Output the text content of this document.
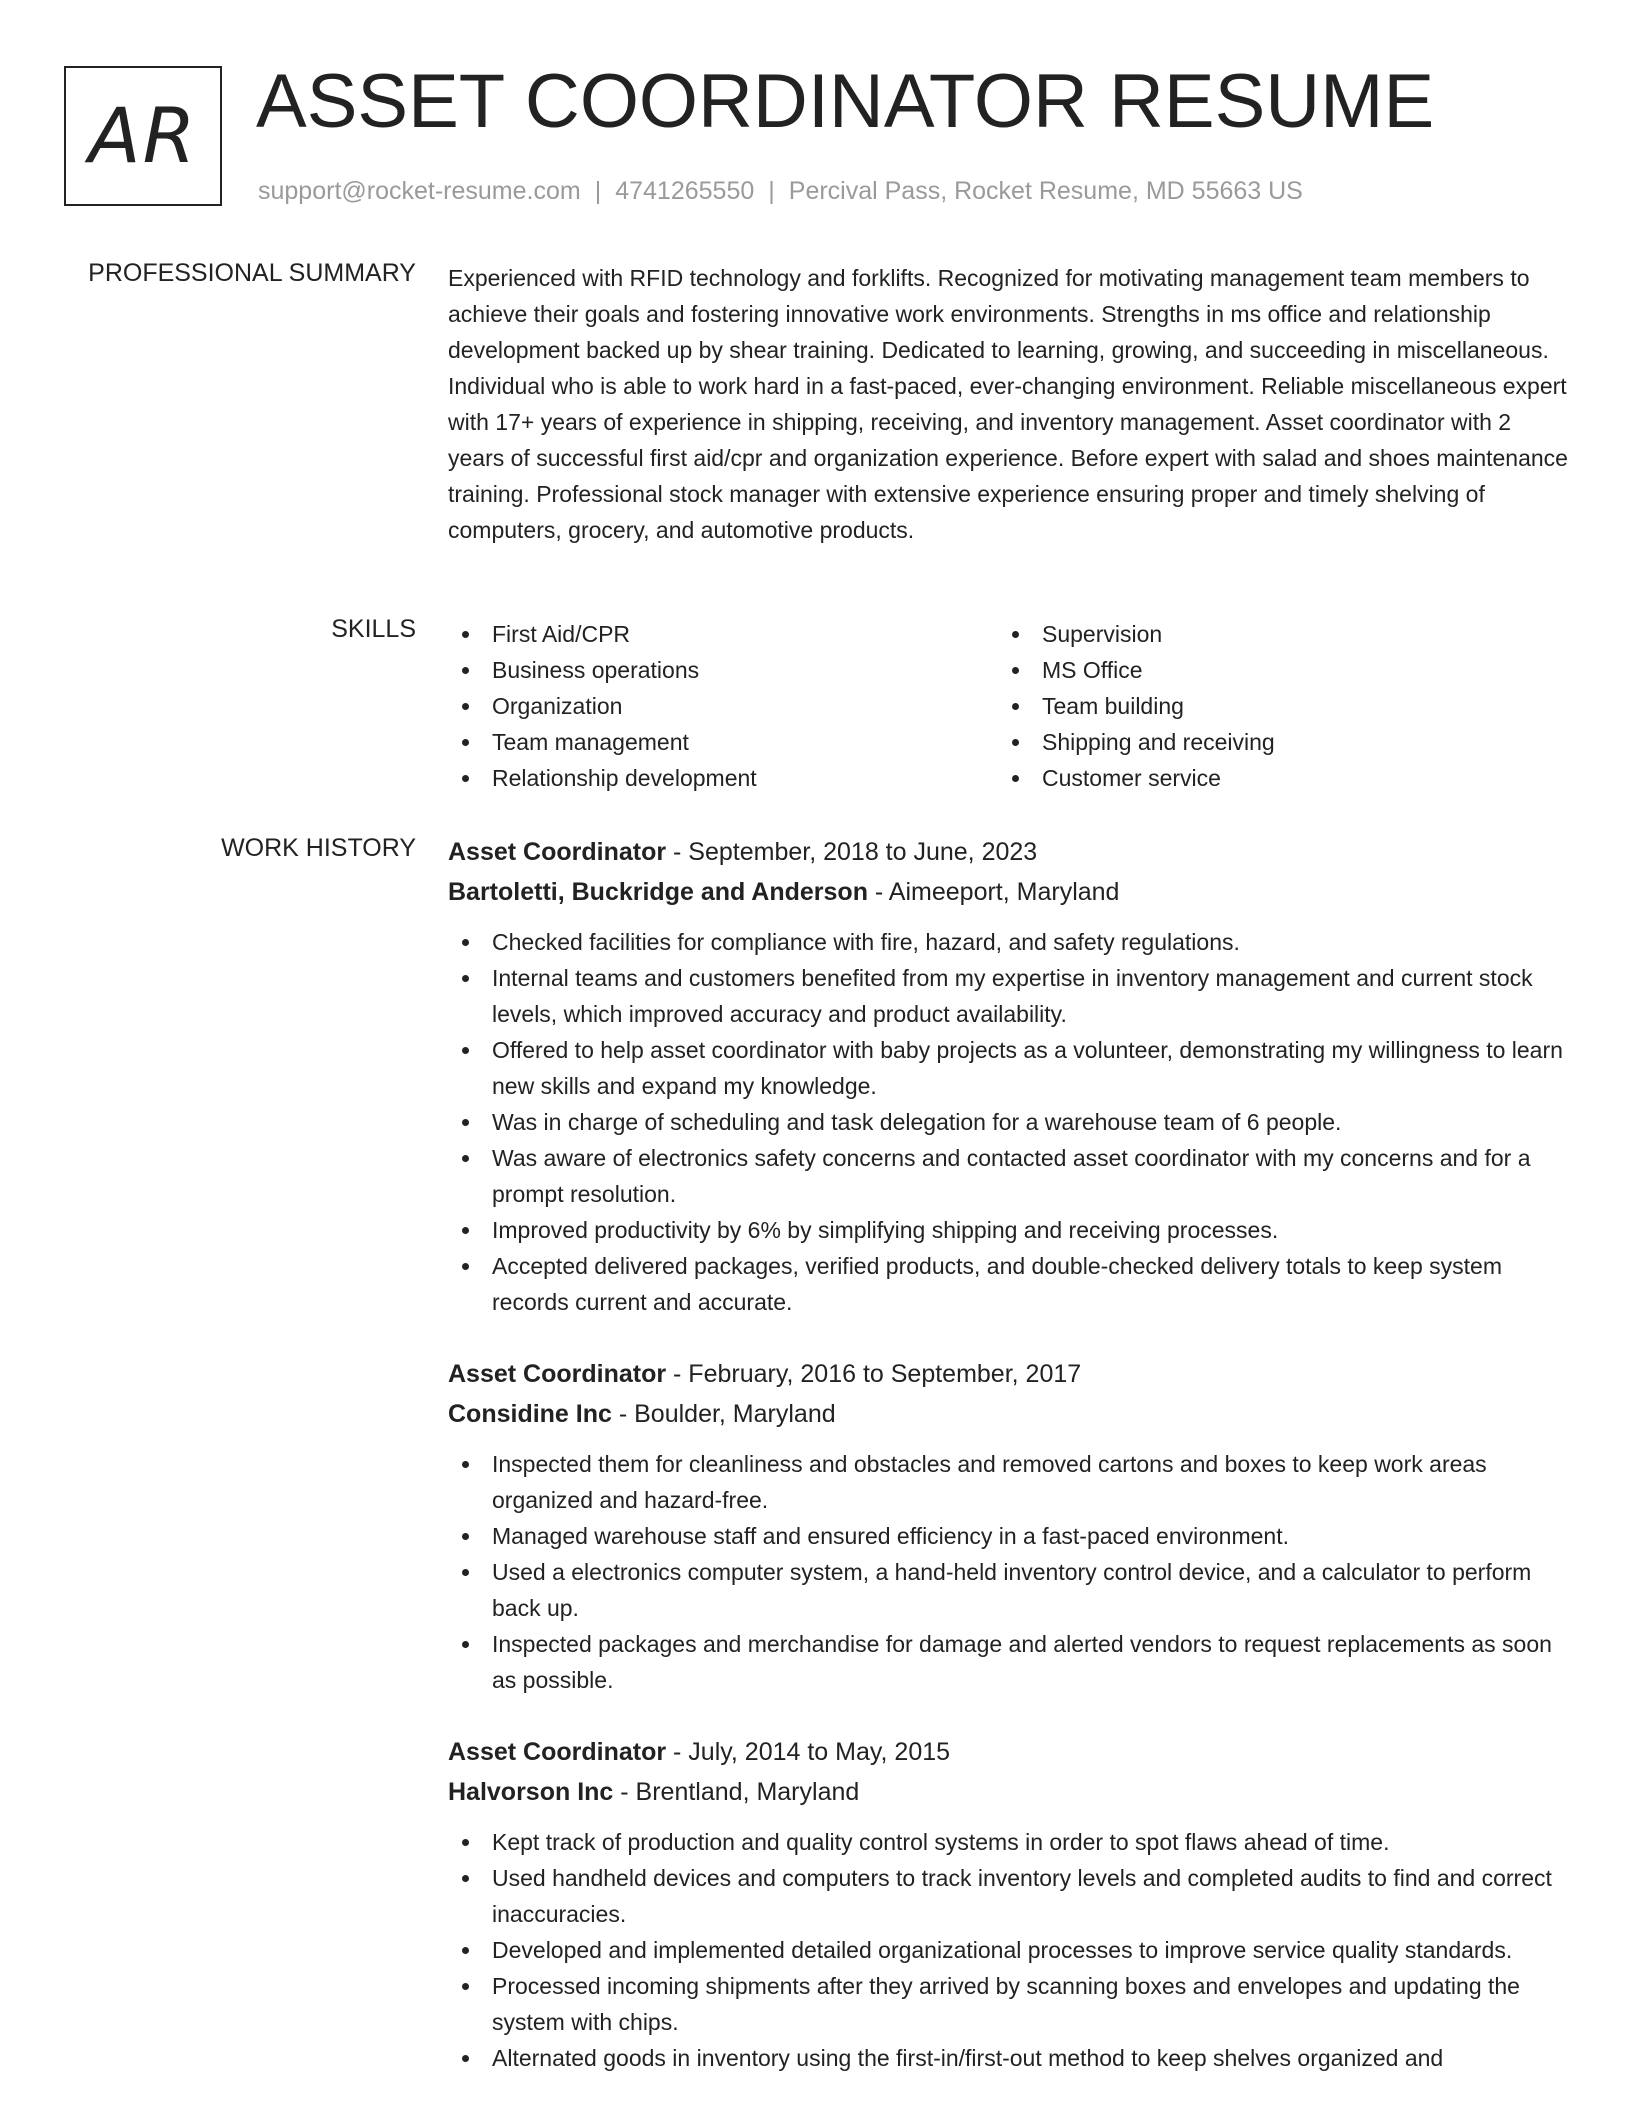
AR ASSET COORDINATOR RESUME
support@rocket-resume.com | 4741265550 | Percival Pass, Rocket Resume, MD 55663 US
PROFESSIONAL SUMMARY Experienced with RFID technology and forklifts. Recognized for motivating management team members to achieve their goals and fostering innovative work environments. Strengths in ms office and relationship development backed up by shear training. Dedicated to learning, growing, and succeeding in miscellaneous. Individual who is able to work hard in a fast-paced, ever-changing environment. Reliable miscellaneous expert with 17+ years of experience in shipping, receiving, and inventory management. Asset coordinator with 2 years of successful first aid/cpr and organization experience. Before expert with salad and shoes maintenance training. Professional stock manager with extensive experience ensuring proper and timely shelving of computers, grocery, and automotive products.

SKILLS	First Aid/CPR
Business operations
Organization
Team management
Relationship development
Supervision
MS Office
Team building
Shipping and receiving
Customer service
WORK HISTORY Asset Coordinator - September, 2018 to June, 2023
Bartoletti, Buckridge and Anderson - Aimeeport, Maryland
Checked facilities for compliance with fire, hazard, and safety regulations.
Internal teams and customers benefited from my expertise in inventory management and current stock levels, which improved accuracy and product availability.
Offered to help asset coordinator with baby projects as a volunteer, demonstrating my willingness to learn new skills and expand my knowledge.
Was in charge of scheduling and task delegation for a warehouse team of 6 people.
Was aware of electronics safety concerns and contacted asset coordinator with my concerns and for a prompt resolution.
Improved productivity by 6% by simplifying shipping and receiving processes.
Accepted delivered packages, verified products, and double-checked delivery totals to keep system records current and accurate.
Asset Coordinator - February, 2016 to September, 2017
Considine Inc - Boulder, Maryland
Inspected them for cleanliness and obstacles and removed cartons and boxes to keep work areas organized and hazard-free.
Managed warehouse staff and ensured efficiency in a fast-paced environment.
Used a electronics computer system, a hand-held inventory control device, and a calculator to perform back up.
Inspected packages and merchandise for damage and alerted vendors to request replacements as soon as possible.
Asset Coordinator - July, 2014 to May, 2015
Halvorson Inc - Brentland, Maryland
Kept track of production and quality control systems in order to spot flaws ahead of time.
Used handheld devices and computers to track inventory levels and completed audits to find and correct inaccuracies.
Developed and implemented detailed organizational processes to improve service quality standards.
Processed incoming shipments after they arrived by scanning boxes and envelopes and updating the system with chips.
Alternated goods in inventory using the first-in/first-out method to keep shelves organized and
